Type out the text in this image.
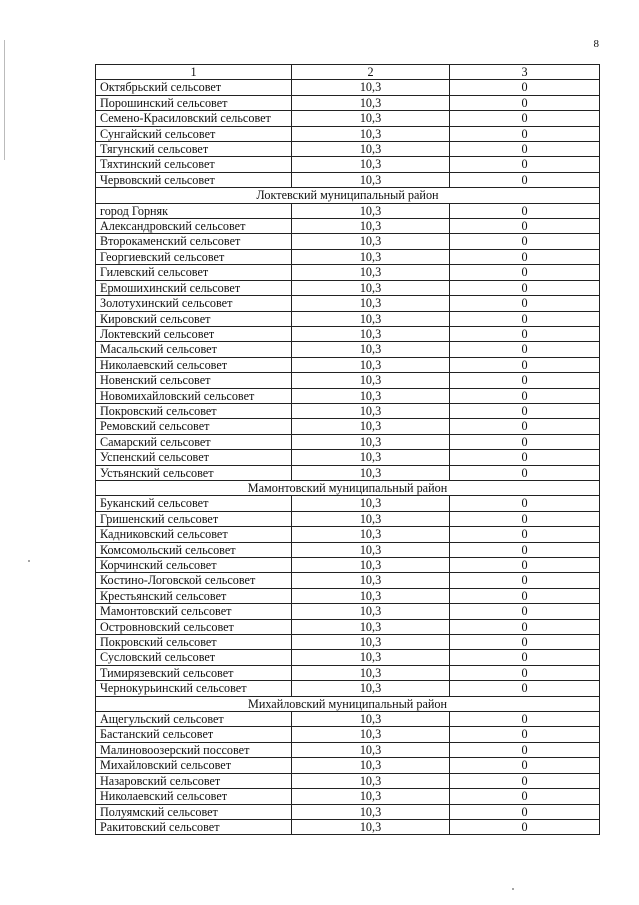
8
1	2	3
Октябрьский сельсовет	10,3	0
Порошинский сельсовет	10,3	0
Семено-Красиловский сельсовет	10,3	0
Сунгайский сельсовет	10,3	0
Тягунский сельсовет	10,3	0
Тяхтинский сельсовет	10,3	0
Червовский сельсовет	10,3	0
Локтевский муниципальный район		
город Горняк	10,3	0
Александровский сельсовет	10,3	0
Второкаменский сельсовет	10,3	0
Георгиевский сельсовет	10,3	0
Гилевский сельсовет	10,3	0
Ермошихинский сельсовет	10,3	0
Золотухинский сельсовет	10,3	0
Кировский сельсовет	10,3	0
Локтевский сельсовет	10,3	0
Масальский сельсовет	10,3	0
Николаевский сельсовет	10,3	0
Новенский сельсовет	10,3	0
Новомихайловский сельсовет	10,3	0
Покровский сельсовет	10,3	0
Ремовский сельсовет	10,3	0
Самарский сельсовет	10,3	0
Успенский сельсовет	10,3	0
Устьянский сельсовет	10,3	0
Мамонтовский муниципальный район		
Буканский сельсовет	10,3	0
Гришенский сельсовет	10,3	0
Кадниковский сельсовет	10,3	0
Комсомольский сельсовет	10,3	0
Корчинский сельсовет	10,3	0
Костино-Логовской сельсовет	10,3	0
Крестьянский сельсовет	10,3	0
Мамонтовский сельсовет	10,3	0
Островновский сельсовет	10,3	0
Покровский сельсовет	10,3	0
Сусловский сельсовет	10,3	0
Тимирязевский сельсовет	10,3	0
Чернокурьинский сельсовет	10,3	0
Михайловский муниципальный район		
Ащегульский сельсовет	10,3	0
Бастанский сельсовет	10,3	0
Малиновоозерский поссовет	10,3	0
Михайловский сельсовет	10,3	0
Назаровский сельсовет	10,3	0
Николаевский сельсовет	10,3	0
Полуямский сельсовет	10,3	0
Ракитовский сельсовет	10,3	0
